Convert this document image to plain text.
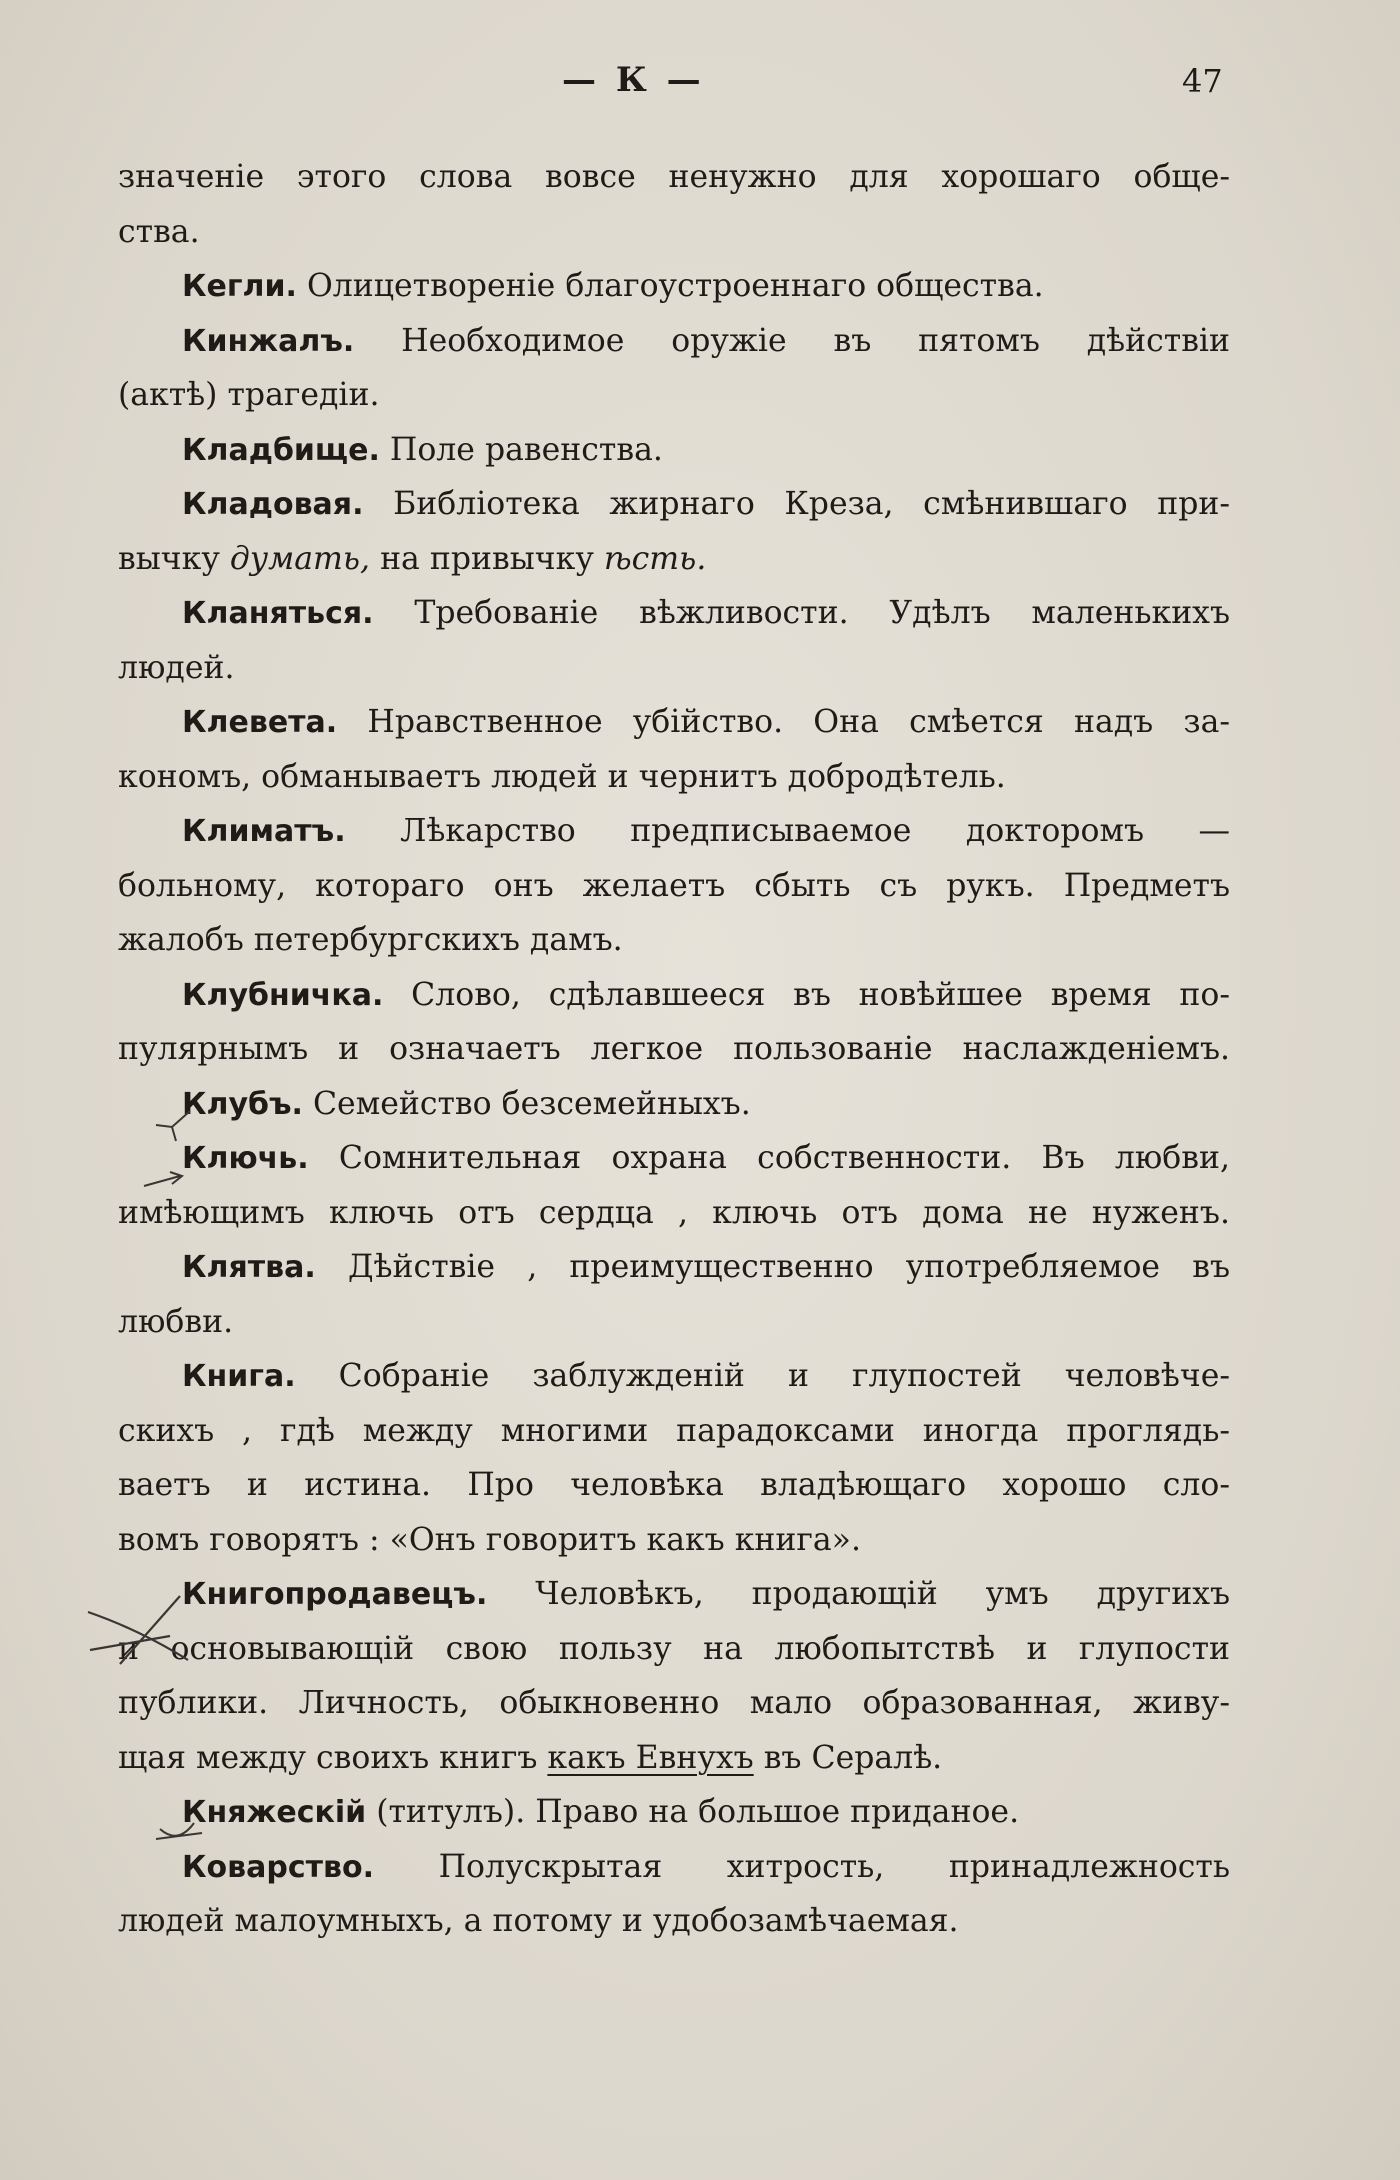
— К —	47
значеніе этого слова вовсе ненужно для хорошаго обще-
ства.
Кегли. Олицетвореніе благоустроеннаго общества.
Кинжалъ. Необходимое оружіе въ пятомъ дѣйствіи
(актѣ) трагедіи.
Кладбище. Поле равенства.
Кладовая. Библіотека жирнаго Креза, смѣнившаго при-
вычку думать, на привычку ѣсть.
Кланяться. Требованіе вѣжливости. Удѣлъ маленькихъ
людей.
Клевета. Нравственное убійство. Она смѣется надъ за-
кономъ, обманываетъ людей и чернитъ добродѣтель.
Климатъ. Лѣкарство предписываемое докторомъ —
больному, котораго онъ желаетъ сбыть съ рукъ. Предметъ
жалобъ петербургскихъ дамъ.
Клубничка. Слово, сдѣлавшееся въ новѣйшее время по-
пулярнымъ и означаетъ легкое пользованіе наслажденіемъ.
Клубъ. Семейство безсемейныхъ.
Ключь. Сомнительная охрана собственности. Въ любви,
имѣющимъ ключь отъ сердца , ключь отъ дома не нуженъ.
Клятва. Дѣйствіе , преимущественно употребляемое въ
любви.
Книга. Собраніе заблужденій и глупостей человѣче-
скихъ , гдѣ между многими парадоксами иногда проглядь-
ваетъ и истина. Про человѣка владѣющаго хорошо сло-
вомъ говорятъ : «Онъ говоритъ какъ книга».
Книгопродавецъ. Человѣкъ, продающій умъ другихъ
и основывающій свою пользу на любопытствѣ и глупости
публики. Личность, обыкновенно мало образованная, живу-
щая между своихъ книгъ какъ Евнухъ въ Сералѣ.
Княжескій (титулъ). Право на большое приданое.
Коварство. Полускрытая хитрость, принадлежность
людей малоумныхъ, а потому и удобозамѣчаемая.
